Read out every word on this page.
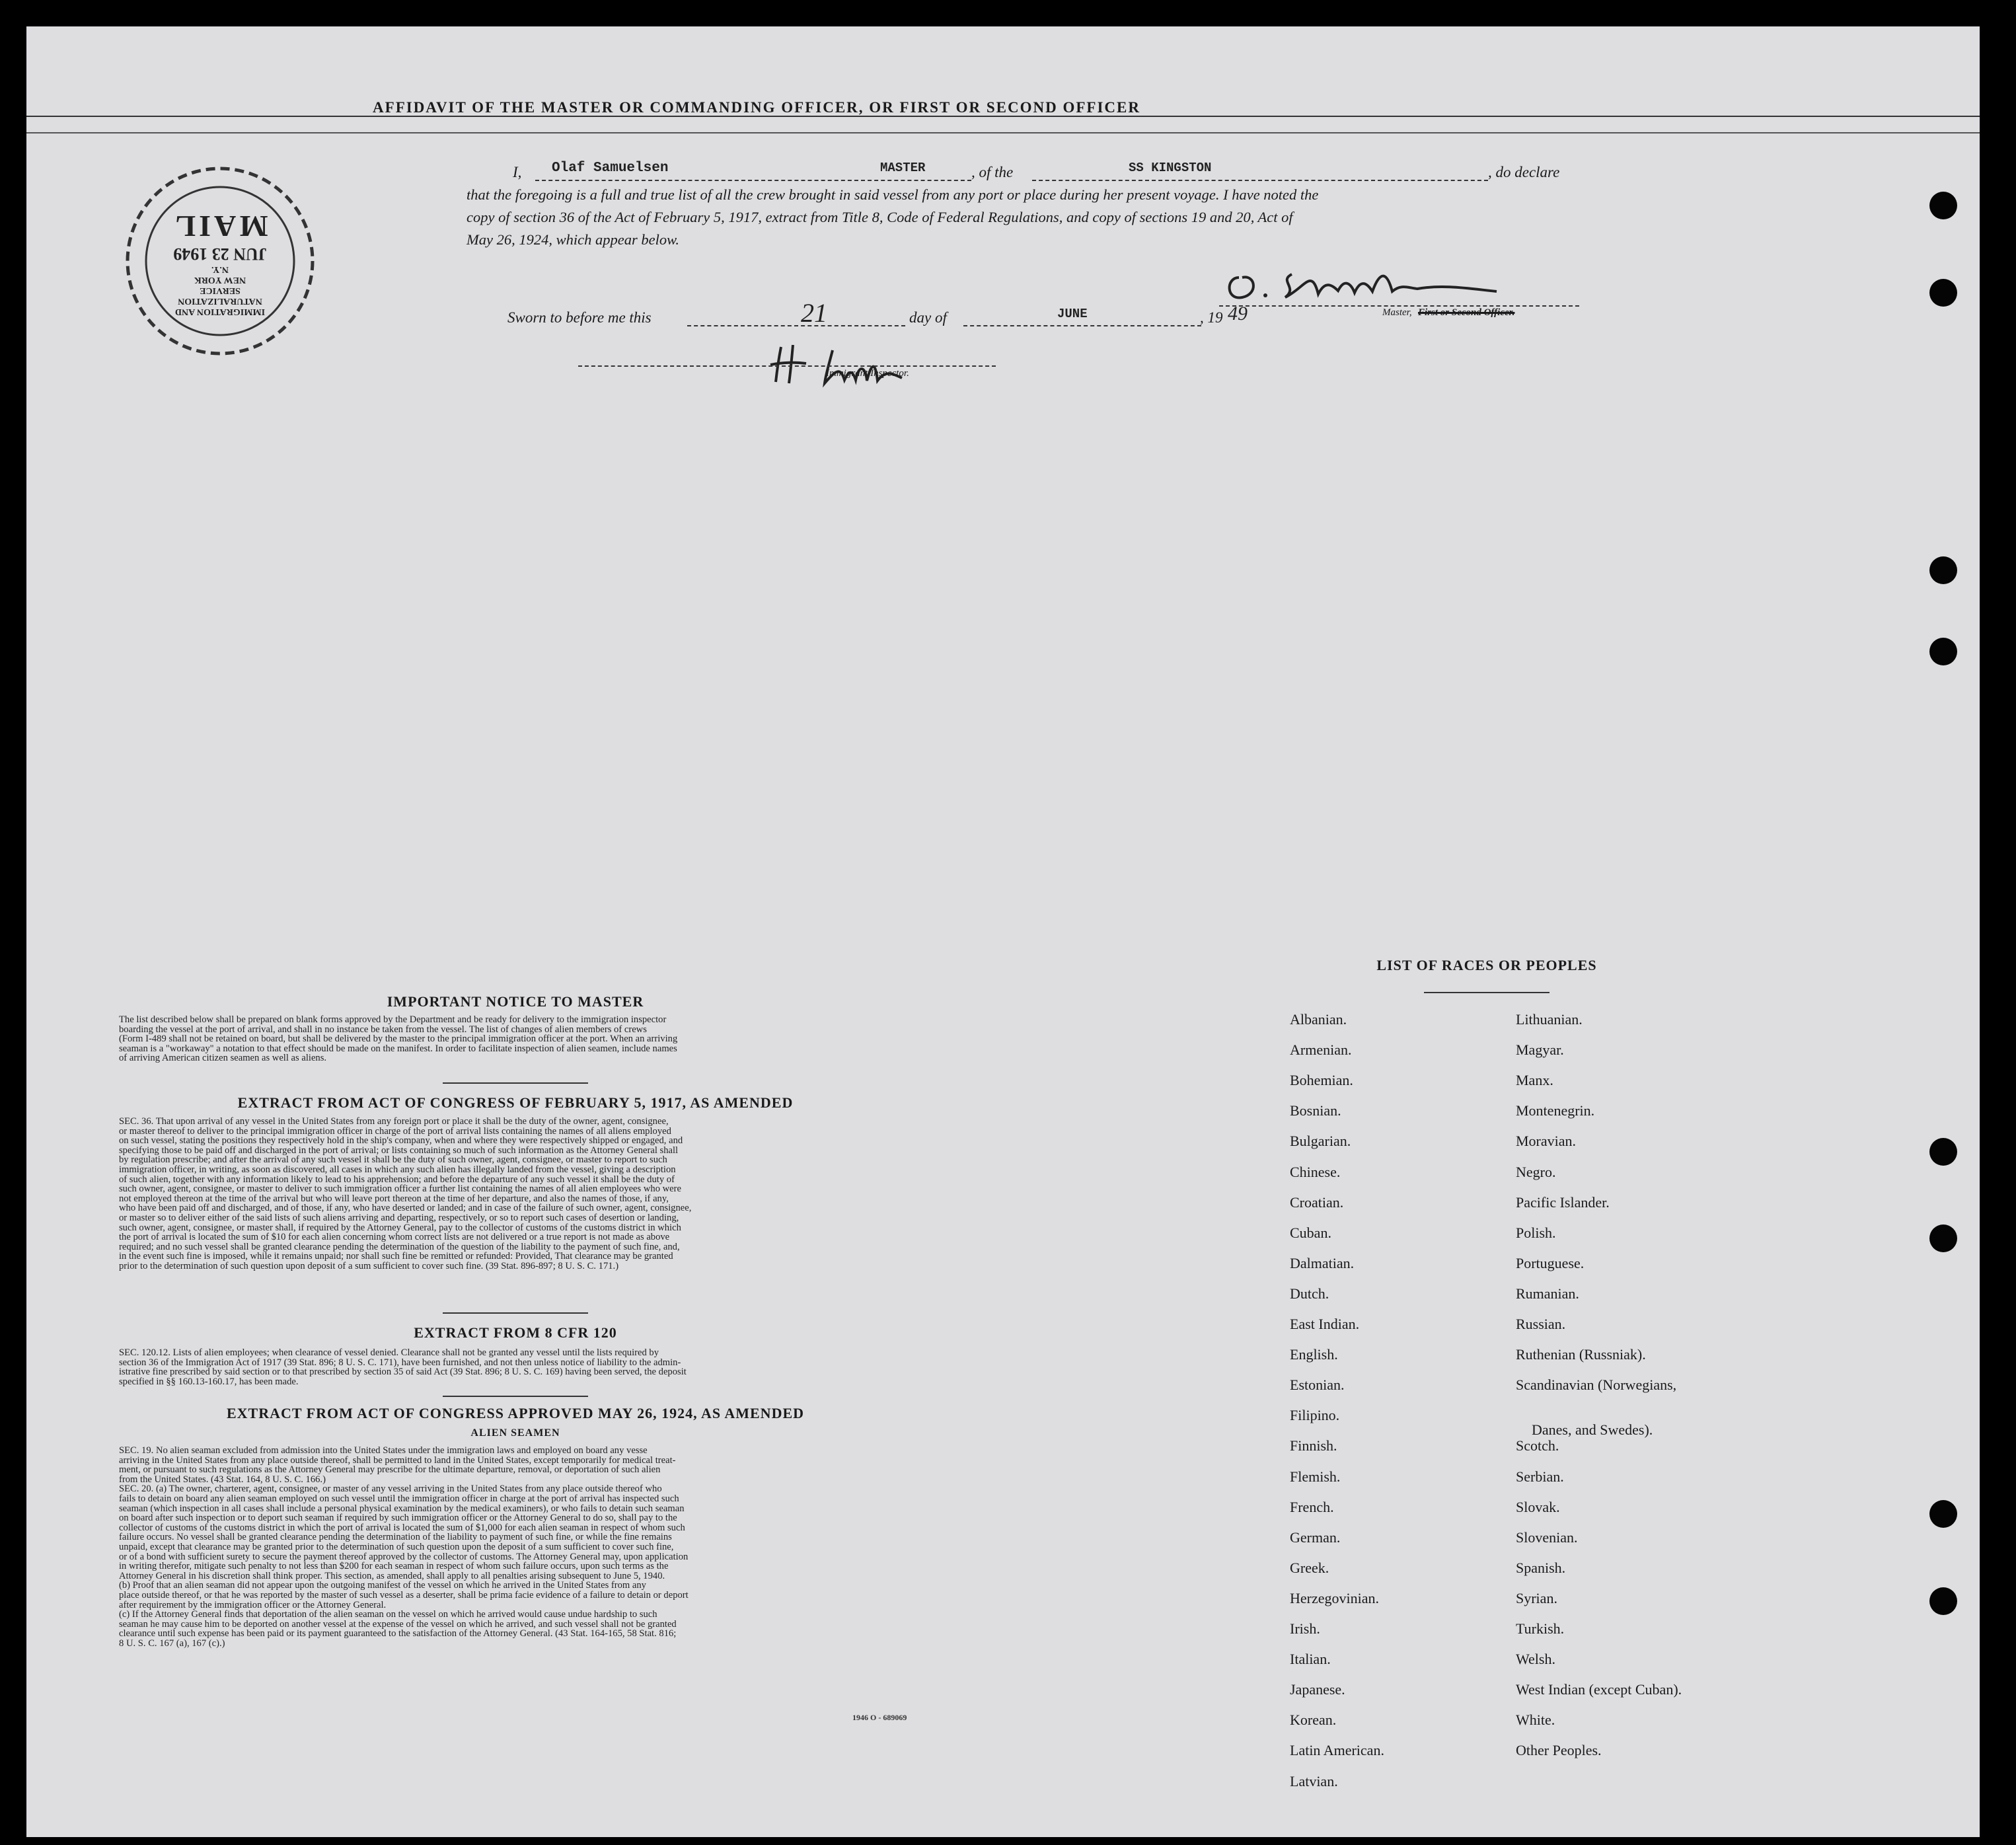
AFFIDAVIT OF THE MASTER OR COMMANDING OFFICER, OR FIRST OR SECOND OFFICER
IMMIGRATION AND
NATURALIZATION
SERVICE
NEW YORK
N.Y.
JUN 23 1949
MAIL
I, Olaf Samuelsen	MASTER	, of the	SS KINGSTON	, do declare
that the foregoing is a full and true list of all the crew brought in said vessel from any port or place during her present voyage. I have noted the
copy of section 36 of the Act of February 5, 1917, extract from Title 8, Code of Federal Regulations, and copy of sections 19 and 20, Act of
May 26, 1924, which appear below.
Master, First or Second Officer.
Sworn to before me this	21	day of	JUNE	, 19 49
Immigrant Inspector.
IMPORTANT NOTICE TO MASTER
The list described below shall be prepared on blank forms approved by the Department and be ready for delivery to the immigration inspector
boarding the vessel at the port of arrival, and shall in no instance be taken from the vessel. The list of changes of alien members of crews
(Form I-489 shall not be retained on board, but shall be delivered by the master to the principal immigration officer at the port. When an arriving
seaman is a "workaway" a notation to that effect should be made on the manifest. In order to facilitate inspection of alien seamen, include names
of arriving American citizen seamen as well as aliens.
EXTRACT FROM ACT OF CONGRESS OF FEBRUARY 5, 1917, AS AMENDED
SEC. 36. That upon arrival of any vessel in the United States from any foreign port or place it shall be the duty of the owner, agent, consignee,
or master thereof to deliver to the principal immigration officer in charge of the port of arrival lists containing the names of all aliens employed
on such vessel, stating the positions they respectively hold in the ship's company, when and where they were respectively shipped or engaged, and
specifying those to be paid off and discharged in the port of arrival; or lists containing so much of such information as the Attorney General shall
by regulation prescribe; and after the arrival of any such vessel it shall be the duty of such owner, agent, consignee, or master to report to such
immigration officer, in writing, as soon as discovered, all cases in which any such alien has illegally landed from the vessel, giving a description
of such alien, together with any information likely to lead to his apprehension; and before the departure of any such vessel it shall be the duty of
such owner, agent, consignee, or master to deliver to such immigration officer a further list containing the names of all alien employees who were
not employed thereon at the time of the arrival but who will leave port thereon at the time of her departure, and also the names of those, if any,
who have been paid off and discharged, and of those, if any, who have deserted or landed; and in case of the failure of such owner, agent, consignee,
or master so to deliver either of the said lists of such aliens arriving and departing, respectively, or so to report such cases of desertion or landing,
such owner, agent, consignee, or master shall, if required by the Attorney General, pay to the collector of customs of the customs district in which
the port of arrival is located the sum of $10 for each alien concerning whom correct lists are not delivered or a true report is not made as above
required; and no such vessel shall be granted clearance pending the determination of the question of the liability to the payment of such fine, and,
in the event such fine is imposed, while it remains unpaid; nor shall such fine be remitted or refunded: Provided, That clearance may be granted
prior to the determination of such question upon deposit of a sum sufficient to cover such fine. (39 Stat. 896-897; 8 U. S. C. 171.)
EXTRACT FROM 8 CFR 120
SEC. 120.12. Lists of alien employees; when clearance of vessel denied. Clearance shall not be granted any vessel until the lists required by
section 36 of the Immigration Act of 1917 (39 Stat. 896; 8 U. S. C. 171), have been furnished, and not then unless notice of liability to the admin-
istrative fine prescribed by said section or to that prescribed by section 35 of said Act (39 Stat. 896; 8 U. S. C. 169) having been served, the deposit
specified in §§ 160.13-160.17, has been made.
EXTRACT FROM ACT OF CONGRESS APPROVED MAY 26, 1924, AS AMENDED
ALIEN SEAMEN
SEC. 19. No alien seaman excluded from admission into the United States under the immigration laws and employed on board any vesse
arriving in the United States from any place outside thereof, shall be permitted to land in the United States, except temporarily for medical treat-
ment, or pursuant to such regulations as the Attorney General may prescribe for the ultimate departure, removal, or deportation of such alien
from the United States. (43 Stat. 164, 8 U. S. C. 166.)
SEC. 20. (a) The owner, charterer, agent, consignee, or master of any vessel arriving in the United States from any place outside thereof who
fails to detain on board any alien seaman employed on such vessel until the immigration officer in charge at the port of arrival has inspected such
seaman (which inspection in all cases shall include a personal physical examination by the medical examiners), or who fails to detain such seaman
on board after such inspection or to deport such seaman if required by such immigration officer or the Attorney General to do so, shall pay to the
collector of customs of the customs district in which the port of arrival is located the sum of $1,000 for each alien seaman in respect of whom such
failure occurs. No vessel shall be granted clearance pending the determination of the liability to payment of such fine, or while the fine remains
unpaid, except that clearance may be granted prior to the determination of such question upon the deposit of a sum sufficient to cover such fine,
or of a bond with sufficient surety to secure the payment thereof approved by the collector of customs. The Attorney General may, upon application
in writing therefor, mitigate such penalty to not less than $200 for each seaman in respect of whom such failure occurs, upon such terms as the
Attorney General in his discretion shall think proper. This section, as amended, shall apply to all penalties arising subsequent to June 5, 1940.
(b) Proof that an alien seaman did not appear upon the outgoing manifest of the vessel on which he arrived in the United States from any
place outside thereof, or that he was reported by the master of such vessel as a deserter, shall be prima facie evidence of a failure to detain or deport
after requirement by the immigration officer or the Attorney General.
(c) If the Attorney General finds that deportation of the alien seaman on the vessel on which he arrived would cause undue hardship to such
seaman he may cause him to be deported on another vessel at the expense of the vessel on which he arrived, and such vessel shall not be granted
clearance until such expense has been paid or its payment guaranteed to the satisfaction of the Attorney General. (43 Stat. 164-165, 58 Stat. 816;
8 U. S. C. 167 (a), 167 (c).)
1946 O - 689069
LIST OF RACES OR PEOPLES
Albanian.
Armenian.
Bohemian.
Bosnian.
Bulgarian.
Chinese.
Croatian.
Cuban.
Dalmatian.
Dutch.
East Indian.
English.
Estonian.
Filipino.
Finnish.
Flemish.
French.
German.
Greek.
Herzegovinian.
Irish.
Italian.
Japanese.
Korean.
Latin American.
Latvian.
Lithuanian.
Magyar.
Manx.
Montenegrin.
Moravian.
Negro.
Pacific Islander.
Polish.
Portuguese.
Rumanian.
Russian.
Ruthenian (Russniak).
Scandinavian (Norwegians,
Danes, and Swedes).
Scotch.
Serbian.
Slovak.
Slovenian.
Spanish.
Syrian.
Turkish.
Welsh.
West Indian (except Cuban).
White.
Other Peoples.
